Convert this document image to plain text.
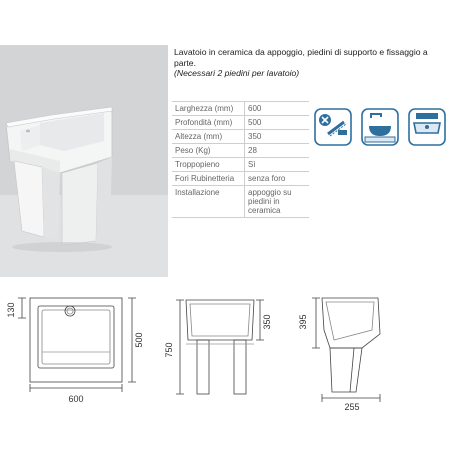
Lavatoio in ceramica da appoggio, piedini di supporto e fissaggio a parte.
(Necessari 2 piedini per lavatoio)
Larghezza (mm)	600
Profondità (mm)	500
Altezza (mm)	350
Peso (Kg)	28
Troppopieno	Sì
Fori Rubinetteria	senza foro
Installazione	appoggio su piedini in ceramica
130
500
600
750
350	395
255
